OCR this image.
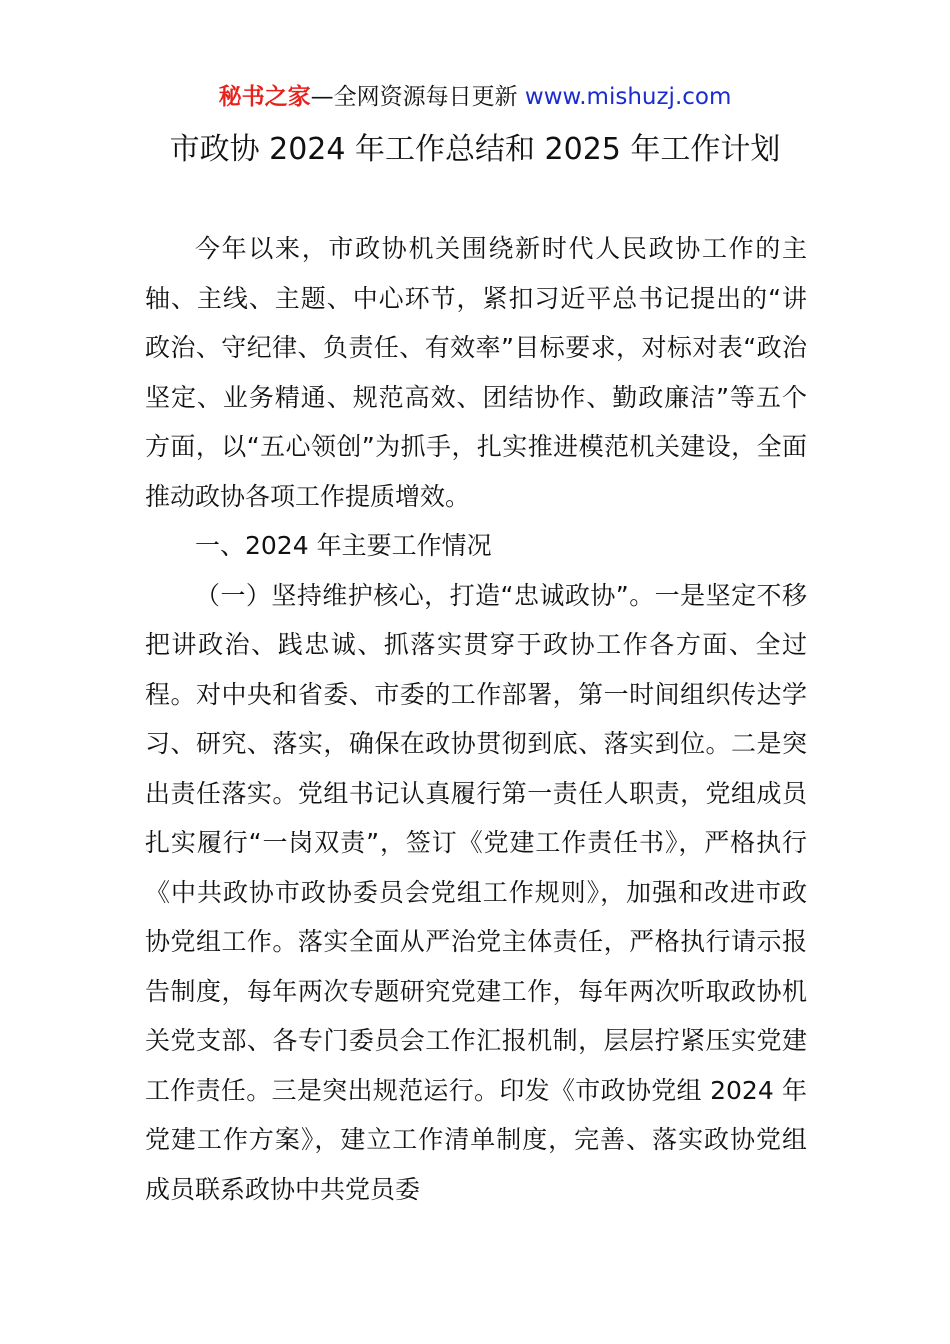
秘书之家—全网资源每日更新 www.mishuzj.com
市政协 2024 年工作总结和 2025 年工作计划

今年以来，市政协机关围绕新时代人民政协工作的主轴、主线、主题、中心环节，紧扣习近平总书记提出的“讲政治、守纪律、负责任、有效率”目标要求，对标对表“政治坚定、业务精通、规范高效、团结协作、勤政廉洁”等五个方面，以“五心领创”为抓手，扎实推进模范机关建设，全面推动政协各项工作提质增效。

一、2024 年主要工作情况

（一）坚持维护核心，打造“忠诚政协”。一是坚定不移把讲政治、践忠诚、抓落实贯穿于政协工作各方面、全过程。对中央和省委、市委的工作部署，第一时间组织传达学习、研究、落实，确保在政协贯彻到底、落实到位。二是突出责任落实。党组书记认真履行第一责任人职责，党组成员扎实履行“一岗双责”，签订《党建工作责任书》，严格执行《中共政协市政协委员会党组工作规则》，加强和改进市政协党组工作。落实全面从严治党主体责任，严格执行请示报告制度，每年两次专题研究党建工作，每年两次听取政协机关党支部、各专门委员会工作汇报机制，层层拧紧压实党建工作责任。三是突出规范运行。印发《市政协党组 2024 年党建工作方案》，建立工作清单制度，完善、落实政协党组成员联系政协中共党员委
